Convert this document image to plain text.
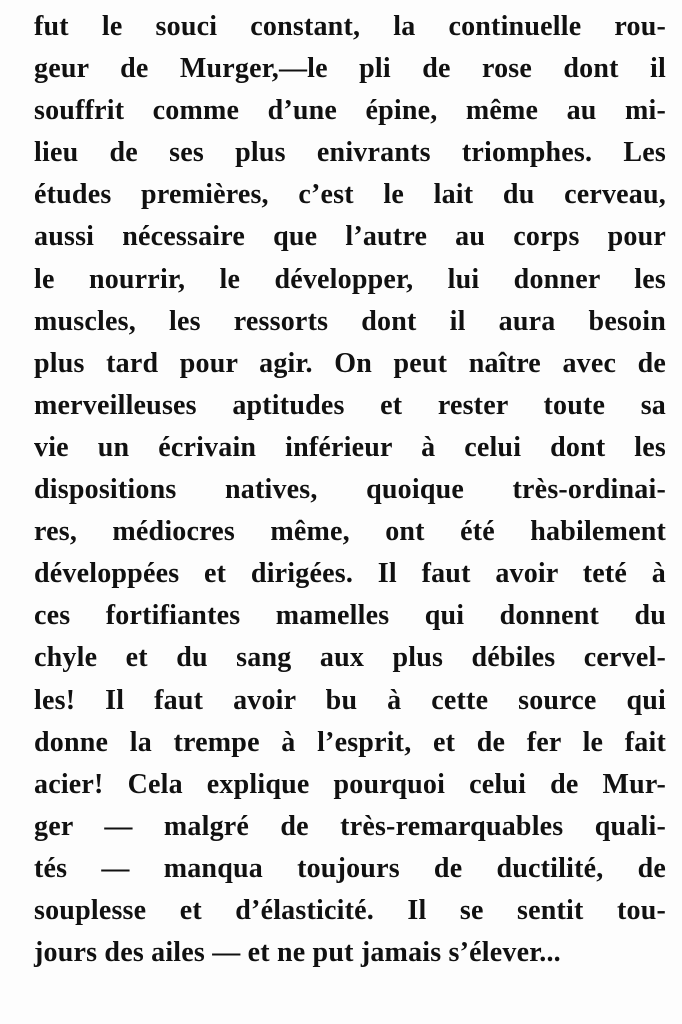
fut le souci constant, la continuelle rou-
geur de Murger,—le pli de rose dont il
souffrit comme d’une épine, même au mi-
lieu de ses plus enivrants triomphes. Les
études premières, c’est le lait du cerveau,
aussi nécessaire que l’autre au corps pour
le nourrir, le développer, lui donner les
muscles, les ressorts dont il aura besoin
plus tard pour agir. On peut naître avec de
merveilleuses aptitudes et rester toute sa
vie un écrivain inférieur à celui dont les
dispositions natives, quoique très-ordinai-
res, médiocres même, ont été habilement
développées et dirigées. Il faut avoir teté à
ces fortifiantes mamelles qui donnent du
chyle et du sang aux plus débiles cervel-
les! Il faut avoir bu à cette source qui
donne la trempe à l’esprit, et de fer le fait
acier! Cela explique pourquoi celui de Mur-
ger — malgré de très-remarquables quali-
tés — manqua toujours de ductilité, de
souplesse et d’élasticité. Il se sentit tou-
jours des ailes — et ne put jamais s’élever...
